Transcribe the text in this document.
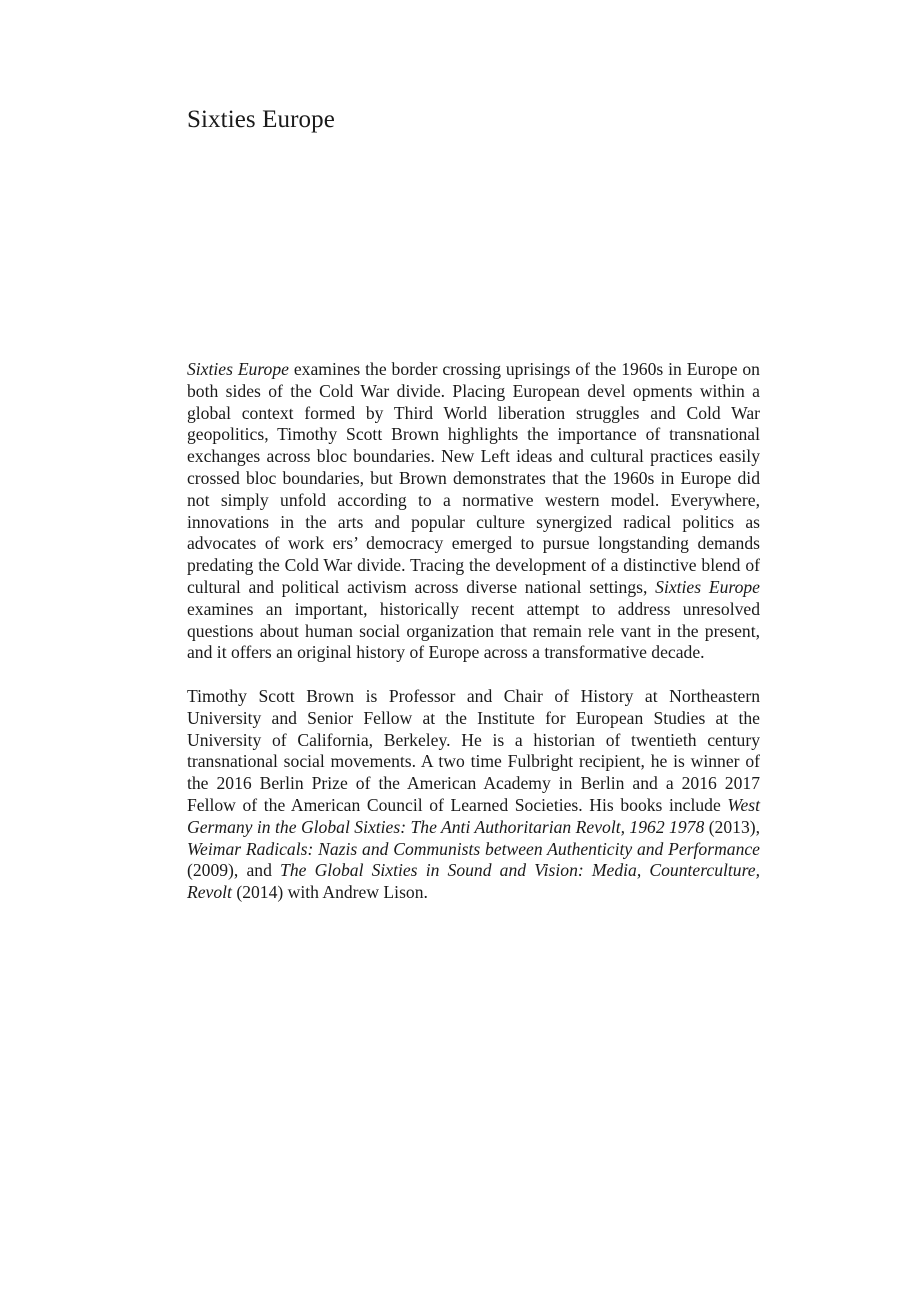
Sixties Europe

Sixties Europe examines the border crossing uprisings of the 1960s in Europe on both sides of the Cold War divide. Placing European devel opments within a global context formed by Third World liberation struggles and Cold War geopolitics, Timothy Scott Brown highlights the importance of transnational exchanges across bloc boundaries. New Left ideas and cultural practices easily crossed bloc boundaries, but Brown demonstrates that the 1960s in Europe did not simply unfold according to a normative western model. Everywhere, innovations in the arts and popular culture synergized radical politics as advocates of work ers’ democracy emerged to pursue longstanding demands predating the Cold War divide. Tracing the development of a distinctive blend of cultural and political activism across diverse national settings, Sixties Europe examines an important, historically recent attempt to address unresolved questions about human social organization that remain rele vant in the present, and it offers an original history of Europe across a transformative decade.

Timothy Scott Brown is Professor and Chair of History at Northeastern University and Senior Fellow at the Institute for European Studies at the University of California, Berkeley. He is a historian of twentieth century transnational social movements. A two time Fulbright recipient, he is winner of the 2016 Berlin Prize of the American Academy in Berlin and a 2016 2017 Fellow of the American Council of Learned Societies. His books include West Germany in the Global Sixties: The Anti Authoritarian Revolt, 1962 1978 (2013), Weimar Radicals: Nazis and Communists between Authenticity and Performance (2009), and The Global Sixties in Sound and Vision: Media, Counterculture, Revolt (2014) with Andrew Lison.
